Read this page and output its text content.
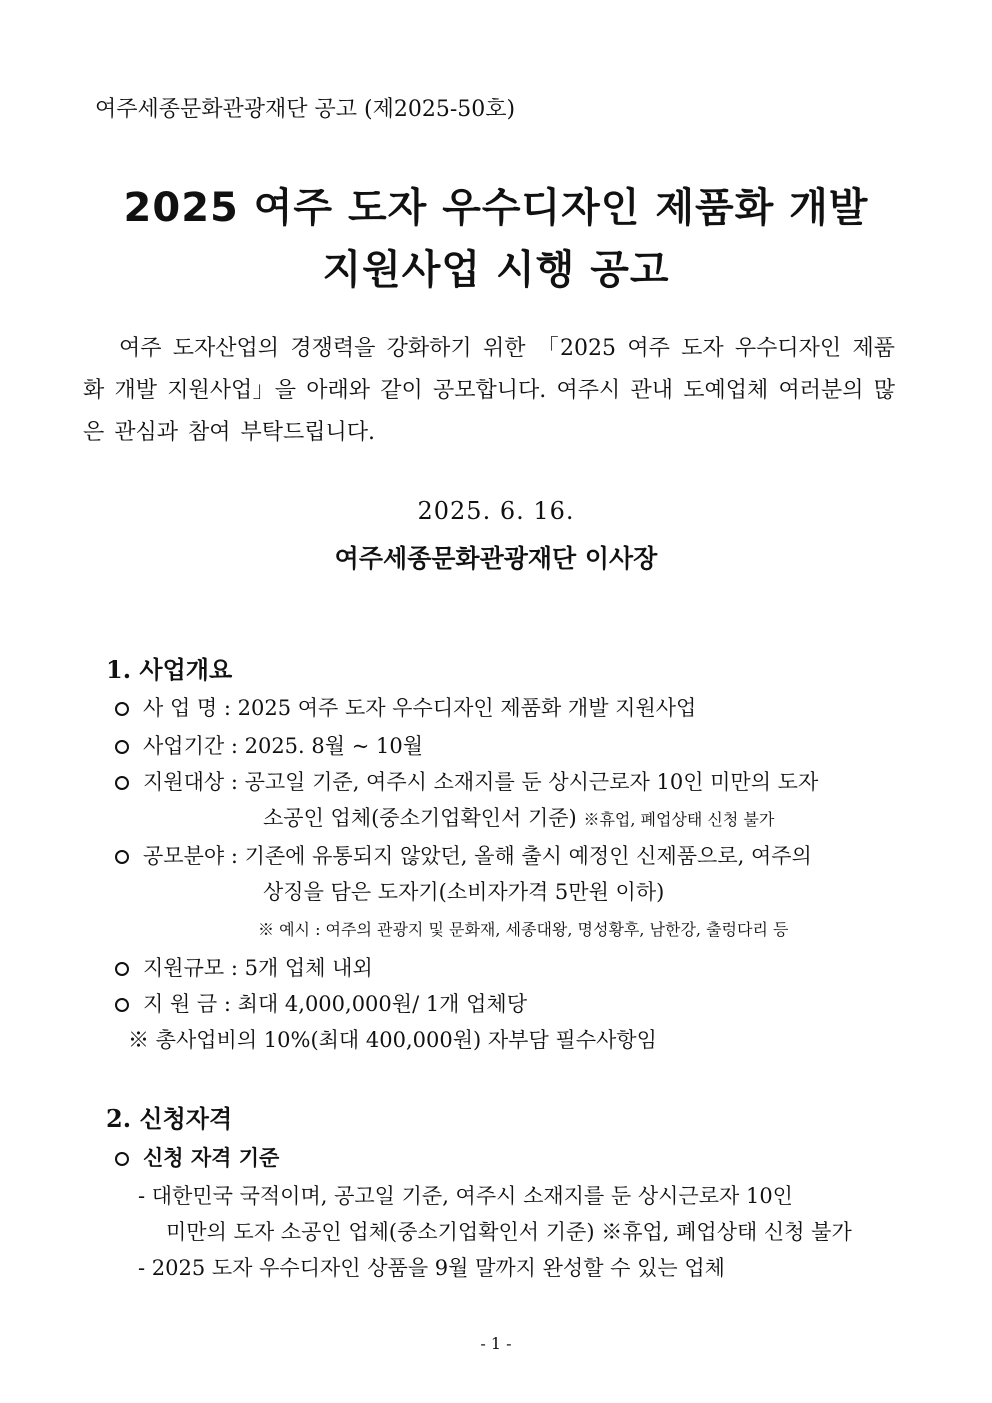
여주세종문화관광재단 공고 (제2025-50호)
2025 여주 도자 우수디자인 제품화 개발
지원사업 시행 공고
여주 도자산업의 경쟁력을 강화하기 위한 「2025 여주 도자 우수디자인 제품화 개발 지원사업」을 아래와 같이 공모합니다. 여주시 관내 도예업체 여러분의 많은 관심과 참여 부탁드립니다.
2025. 6. 16.
여주세종문화관광재단 이사장
1. 사업개요
사 업 명 : 2025 여주 도자 우수디자인 제품화 개발 지원사업
사업기간 : 2025. 8월 ~ 10월
지원대상 : 공고일 기준, 여주시 소재지를 둔 상시근로자 10인 미만의 도자
소공인 업체(중소기업확인서 기준) ※휴업, 폐업상태 신청 불가
공모분야 : 기존에 유통되지 않았던, 올해 출시 예정인 신제품으로, 여주의
상징을 담은 도자기(소비자가격 5만원 이하)
※ 예시 : 여주의 관광지 및 문화재, 세종대왕, 명성황후, 남한강, 출렁다리 등
지원규모 : 5개 업체 내외
지 원 금 : 최대 4,000,000원/ 1개 업체당
※ 총사업비의 10%(최대 400,000원) 자부담 필수사항임
2. 신청자격
신청 자격 기준
- 대한민국 국적이며, 공고일 기준, 여주시 소재지를 둔 상시근로자 10인
미만의 도자 소공인 업체(중소기업확인서 기준) ※휴업, 폐업상태 신청 불가
- 2025 도자 우수디자인 상품을 9월 말까지 완성할 수 있는 업체
- 1 -
